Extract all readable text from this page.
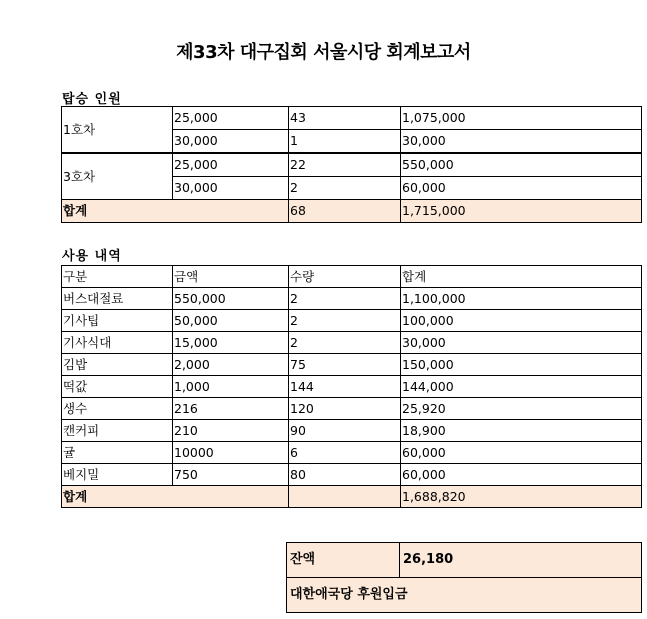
제33차 대구집회 서울시당 회계보고서
탑승 인원
1호차	25,000	43	1,075,000
	30,000	1	30,000
3호차	25,000	22	550,000
	30,000	2	60,000
합계		68	1,715,000
사용 내역
구분	금액	수량	합계
버스대절료	550,000	2	1,100,000
기사팁	50,000	2	100,000
기사식대	15,000	2	30,000
김밥	2,000	75	150,000
떡값	1,000	144	144,000
생수	216	120	25,920
캔커피	210	90	18,900
귤	10000	6	60,000
베지밀	750	80	60,000
합계			1,688,820
잔액	26,180
대한애국당 후원입금
